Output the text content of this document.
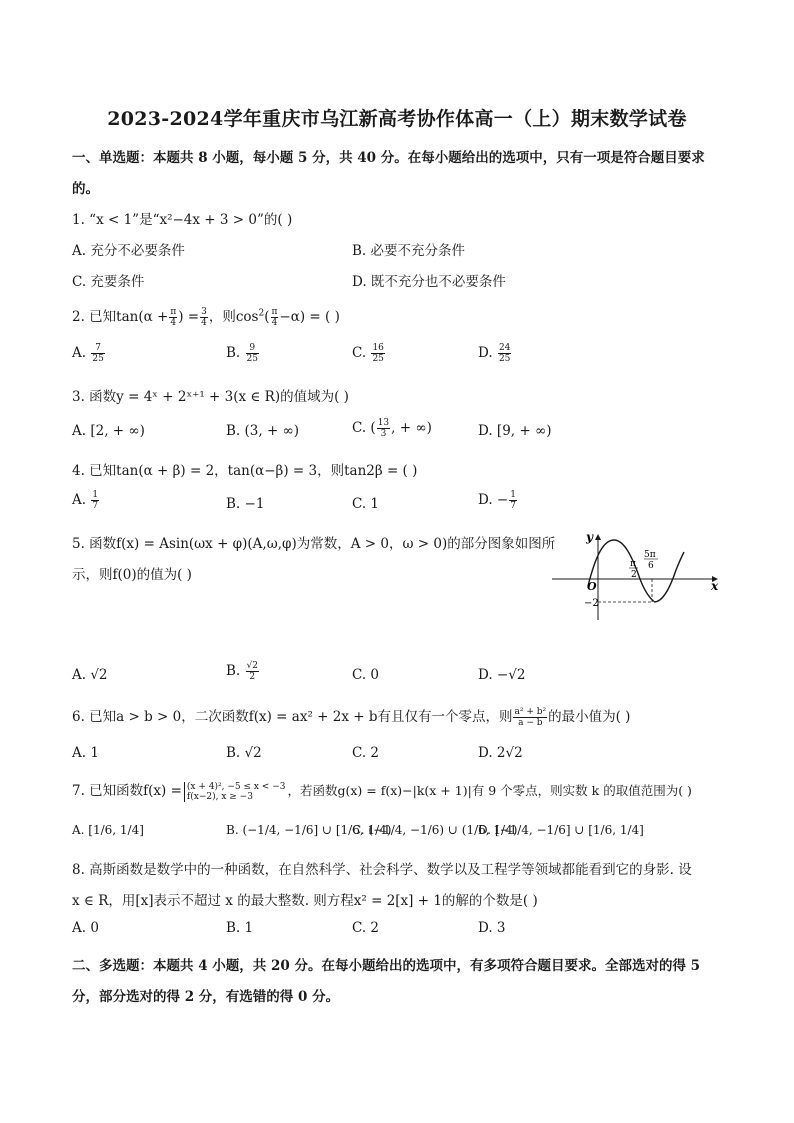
2023-2024学年重庆市乌江新高考协作体高一（上）期末数学试卷
一、单选题：本题共 8 小题，每小题 5 分，共 40 分。在每小题给出的选项中，只有一项是符合题目要求
的。
1. “x < 1”是“x²−4x + 3 > 0”的( )
A. 充分不必要条件	B. 必要不充分条件
C. 充要条件	D. 既不充分也不必要条件
2. 已知$\tan(\alpha + \frac{\pi}{4}$ ) = $\frac{3}{4}$ ，则$\cos^2( \frac{\pi}{4} -\alpha)$ = ( )
A. $\frac{7}{25}$	B. $\frac{9}{25}$	C. $\frac{16}{25}$	D. $\frac{24}{25}$
3. 函数y = 4ˣ + 2ˣ⁺¹ + 3(x ∈ R)的值域为( )
A. [2, + ∞)	B. (3, + ∞)	C. ( $\frac{13}{3}$ , + ∞)	D. [9, + ∞)
4. 已知tan(α + β) = 2，tan(α−β) = 3，则tan2β = ( )
A. $\frac{1}{7}$	B. −1	C. 1	D. − $\frac{1}{7}$
5. 函数f(x) = Asin(ωx + φ)(A,ω,φ)为常数，A > 0，ω > 0)的部分图象如图所
示，则f(0)的值为( )
y
x
O
π
2
5π
6
−2
A. √2	B. $\frac{√2}{2}$	C. 0	D. −√2
6. 已知a > b > 0，二次函数f(x) = ax² + 2x + b有且仅有一个零点，则 $\frac{\text{a² + b²}}{a - b}$ 的最小值为( )
A. 1	B. √2	C. 2	D. 2√2
7. 已知函数f(x) = (x + 4)², −5 ≤ x < −3
f(x−2), x ≥ −3	，若函数g(x) = f(x)−|k(x + 1)|有 9 个零点，则实数 k 的取值范围为( )
A. [1/6, 1/4]	B. (−1/4, −1/6] ∪ [1/6, 1/4)
C. (−1/4, −1/6) ∪ (1/6, 1/4)
D. [−1/4, −1/6] ∪ [1/6, 1/4]
8. 高斯函数是数学中的一种函数，在自然科学、社会科学、数学以及工程学等领域都能看到它的身影. 设
x ∈ R，用[x]表示不超过 x 的最大整数. 则方程x² = 2[x] + 1的解的个数是( )
A. 0	B. 1	C. 2	D. 3
二、多选题：本题共 4 小题，共 20 分。在每小题给出的选项中，有多项符合题目要求。全部选对的得 5
分，部分选对的得 2 分，有选错的得 0 分。
